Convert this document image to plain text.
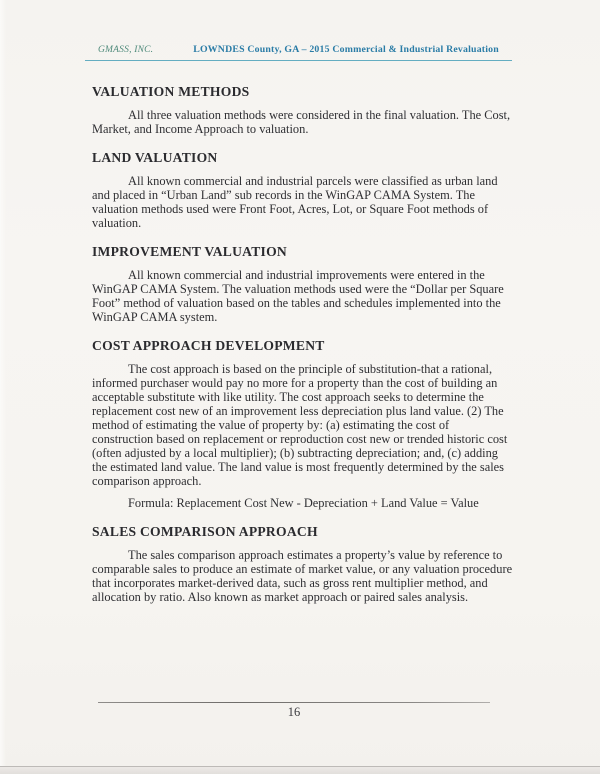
GMASS, INC.	LOWNDES County, GA – 2015 Commercial & Industrial Revaluation
VALUATION METHODS

All three valuation methods were considered in the final valuation. The Cost, Market, and Income Approach to valuation.

LAND VALUATION

All known commercial and industrial parcels were classified as urban land and placed in “Urban Land” sub records in the WinGAP CAMA System. The valuation methods used were Front Foot, Acres, Lot, or Square Foot methods of valuation.

IMPROVEMENT VALUATION

All known commercial and industrial improvements were entered in the WinGAP CAMA System. The valuation methods used were the “Dollar per Square Foot” method of valuation based on the tables and schedules implemented into the WinGAP CAMA system.

COST APPROACH DEVELOPMENT

The cost approach is based on the principle of substitution-that a rational, informed purchaser would pay no more for a property than the cost of building an acceptable substitute with like utility. The cost approach seeks to determine the replacement cost new of an improvement less depreciation plus land value. (2) The method of estimating the value of property by: (a) estimating the cost of construction based on replacement or reproduction cost new or trended historic cost (often adjusted by a local multiplier); (b) subtracting depreciation; and, (c) adding the estimated land value. The land value is most frequently determined by the sales comparison approach.

Formula: Replacement Cost New - Depreciation + Land Value = Value

SALES COMPARISON APPROACH

The sales comparison approach estimates a property’s value by reference to comparable sales to produce an estimate of market value, or any valuation procedure that incorporates market-derived data, such as gross rent multiplier method, and allocation by ratio. Also known as market approach or paired sales analysis.

16
